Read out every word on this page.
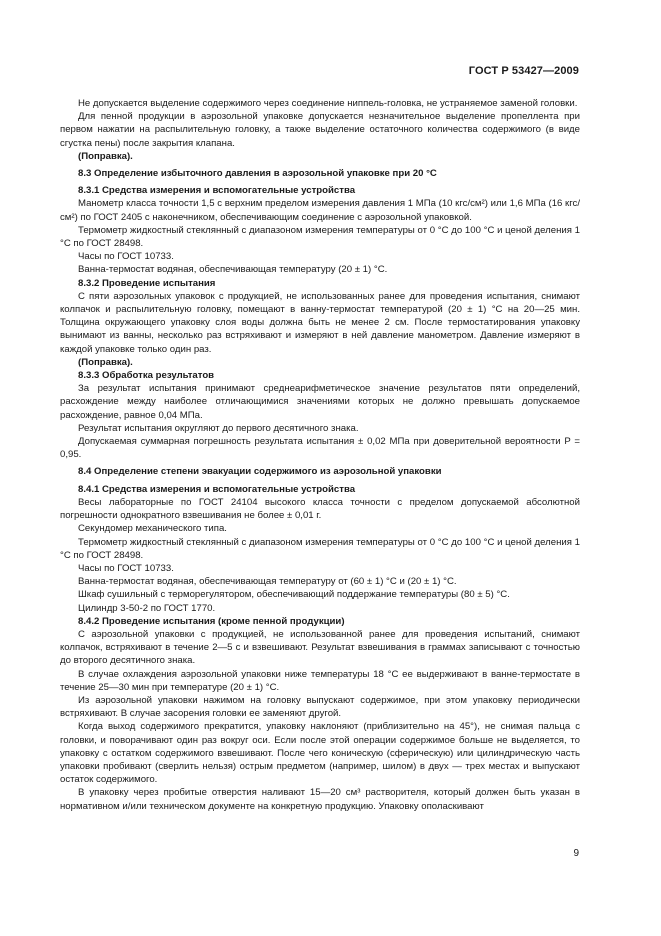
ГОСТ Р 53427—2009

Не допускается выделение содержимого через соединение ниппель-головка, не устраняемое заменой головки.

Для пенной продукции в аэрозольной упаковке допускается незначительное выделение пропеллента при первом нажатии на распылительную головку, а также выделение остаточного количества содержимого (в виде сгустка пены) после закрытия клапана.

(Поправка).

8.3 Определение избыточного давления в аэрозольной упаковке при 20 °С

8.3.1 Средства измерения и вспомогательные устройства

Манометр класса точности 1,5 с верхним пределом измерения давления 1 МПа (10 кгс/см²) или 1,6 МПа (16 кгс/см²) по ГОСТ 2405 с наконечником, обеспечивающим соединение с аэрозольной упаковкой.

Термометр жидкостный стеклянный с диапазоном измерения температуры от 0 °С до 100 °С и ценой деления 1 °С по ГОСТ 28498.

Часы по ГОСТ 10733.

Ванна-термостат водяная, обеспечивающая температуру (20 ± 1) °С.

8.3.2 Проведение испытания

С пяти аэрозольных упаковок с продукцией, не использованных ранее для проведения испытания, снимают колпачок и распылительную головку, помещают в ванну-термостат температурой (20 ± 1) °С на 20—25 мин. Толщина окружающего упаковку слоя воды должна быть не менее 2 см. После термостатирования упаковку вынимают из ванны, несколько раз встряхивают и измеряют в ней давление манометром. Давление измеряют в каждой упаковке только один раз.

(Поправка).

8.3.3 Обработка результатов

За результат испытания принимают среднеарифметическое значение результатов пяти определений, расхождение между наиболее отличающимися значениями которых не должно превышать допускаемое расхождение, равное 0,04 МПа.

Результат испытания округляют до первого десятичного знака.

Допускаемая суммарная погрешность результата испытания ± 0,02 МПа при доверительной вероятности P = 0,95.

8.4 Определение степени эвакуации содержимого из аэрозольной упаковки

8.4.1 Средства измерения и вспомогательные устройства

Весы лабораторные по ГОСТ 24104 высокого класса точности с пределом допускаемой абсолютной погрешности однократного взвешивания не более ± 0,01 г.

Секундомер механического типа.

Термометр жидкостный стеклянный с диапазоном измерения температуры от 0 °С до 100 °С и ценой деления 1 °С по ГОСТ 28498.

Часы по ГОСТ 10733.

Ванна-термостат водяная, обеспечивающая температуру от (60 ± 1) °С и (20 ± 1) °С.

Шкаф сушильный с терморегулятором, обеспечивающий поддержание температуры (80 ± 5) °С.

Цилиндр 3-50-2 по ГОСТ 1770.

8.4.2 Проведение испытания (кроме пенной продукции)

С аэрозольной упаковки с продукцией, не использованной ранее для проведения испытаний, снимают колпачок, встряхивают в течение 2—5 с и взвешивают. Результат взвешивания в граммах записывают с точностью до второго десятичного знака.

В случае охлаждения аэрозольной упаковки ниже температуры 18 °С ее выдерживают в ванне-термостате в течение 25—30 мин при температуре (20 ± 1) °С.

Из аэрозольной упаковки нажимом на головку выпускают содержимое, при этом упаковку периодически встряхивают. В случае засорения головки ее заменяют другой.

Когда выход содержимого прекратится, упаковку наклоняют (приблизительно на 45°), не снимая пальца с головки, и поворачивают один раз вокруг оси. Если после этой операции содержимое больше не выделяется, то упаковку с остатком содержимого взвешивают. После чего коническую (сферическую) или цилиндрическую часть упаковки пробивают (сверлить нельзя) острым предметом (например, шилом) в двух — трех местах и выпускают остаток содержимого.

В упаковку через пробитые отверстия наливают 15—20 см³ растворителя, который должен быть указан в нормативном и/или техническом документе на конкретную продукцию. Упаковку ополаскивают

9
